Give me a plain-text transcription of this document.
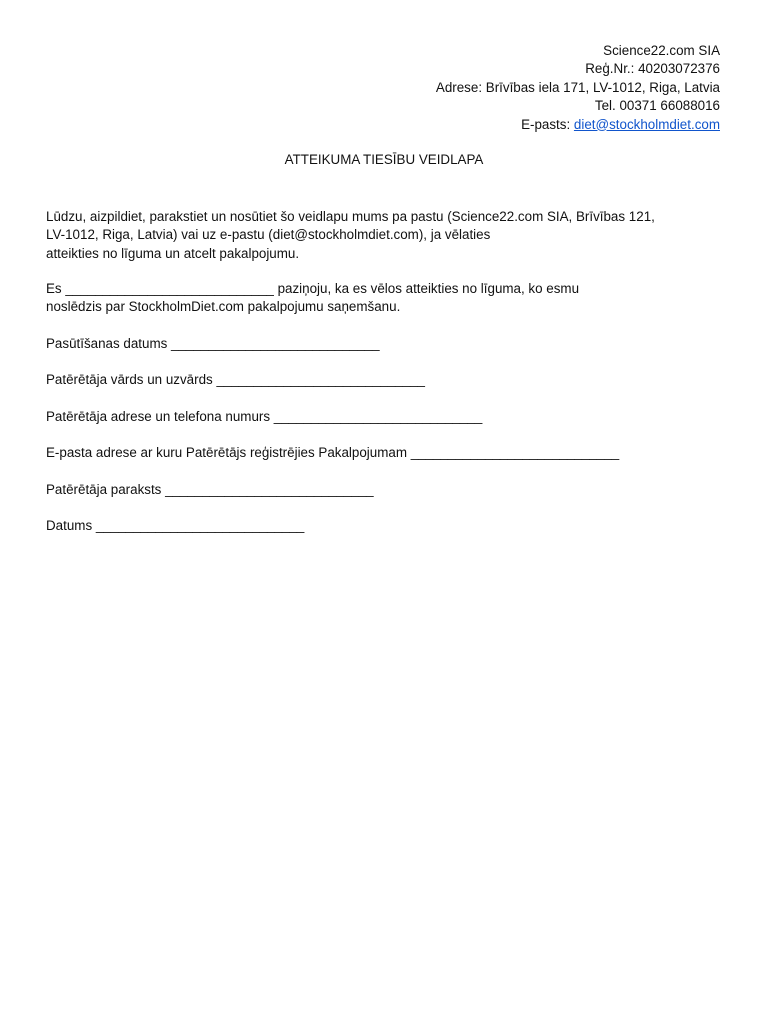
Science22.com SIA
Reģ.Nr.: 40203072376
Adrese: Brīvības iela 171, LV-1012, Riga, Latvia
Tel. 00371 66088016
E-pasts: diet@stockholmdiet.com
ATTEIKUMA TIESĪBU VEIDLAPA
Lūdzu, aizpildiet, parakstiet un nosūtiet šo veidlapu mums pa pastu (Science22.com SIA, Brīvības 121,
LV-1012, Riga, Latvia) vai uz e-pastu (diet@stockholmdiet.com), ja vēlaties
atteikties no līguma un atcelt pakalpojumu.
Es ____________________________ paziņoju, ka es vēlos atteikties no līguma, ko esmu
noslēdzis par StockholmDiet.com pakalpojumu saņemšanu.
Pasūtīšanas datums ____________________________
Patērētāja vārds un uzvārds ____________________________
Patērētāja adrese un telefona numurs ____________________________
E-pasta adrese ar kuru Patērētājs reģistrējies Pakalpojumam ____________________________
Patērētāja paraksts ____________________________
Datums ____________________________
